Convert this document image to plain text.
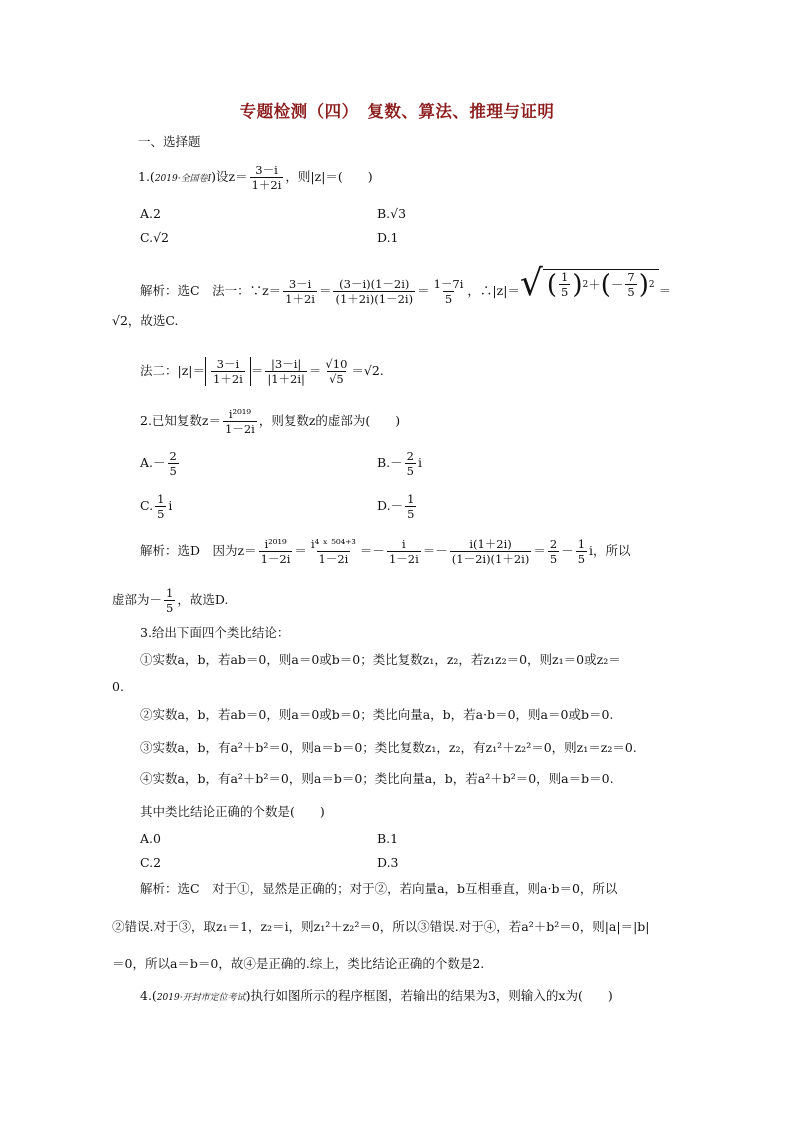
专题检测（四）　复数、算法、推理与证明
一、选择题
1.(2019·全国卷Ⅰ)设$z= \frac{3-i}{1+2i}$ ，则|z|＝(　　)
A.2	B.√3
C.√2	D.1
解析：选C　法一：∵z＝ $\frac{3-i}{1+2i} = \frac{(3-i)(1-2i)}{(1+2i)(1-2i)} = \frac{1-7i}{5}$ ，∴|z|＝ √ ( $\frac{1}{5}$ ) 2 ＋ ( － $\frac{7}{5}$ ) 2 ＝
√2，故选C.
法二：$|z|= \frac{3-i}{1+2i} = \frac{|3-i|}{|1+2i|} = \frac{√10}{√5} =√2$.
2.已知复数$z= \frac{\text{i²⁰¹⁹}}{1-2i}$ ，则复数z的虚部为(　　)
$A.- \frac{2}{5}$	$B.- \frac{2}{5}$ i
C. $\frac{1}{5}$ i	$D.- \frac{1}{5}$
解析：选D　因为$z= \frac{\text{i²⁰¹⁹}}{1-2i} = \frac{\text{i⁴ ˣ ⁵⁰⁴⁺³}}{1-2i} =- \frac{i}{1-2i} =- \frac{i(1+2i)}{(1-2i)(1+2i)} = \frac{2}{5} - \frac{1}{5}$ i，所以
虚部为－ $\frac{1}{5}$ ，故选D.
3.给出下面四个类比结论：
①实数a，b，若ab＝0，则a＝0或b＝0；类比复数z₁，z₂，若z₁z₂＝0，则z₁＝0或z₂＝
0.
②实数a，b，若ab＝0，则a＝0或b＝0；类比向量a，b，若a·b＝0，则a＝0或b＝0.
③实数a，b，有a²＋b²＝0，则a＝b＝0；类比复数z₁，z₂，有z₁²＋z₂²＝0，则z₁＝z₂＝0.
④实数a，b，有a²＋b²＝0，则a＝b＝0；类比向量a，b，若a²＋b²＝0，则a＝b＝0.
其中类比结论正确的个数是(　　)
A.0	B.1
C.2	D.3
解析：选C　对于①，显然是正确的；对于②，若向量a，b互相垂直，则a·b＝0，所以
②错误.对于③，取z₁＝1，z₂＝i，则z₁²＋z₂²＝0，所以③错误.对于④，若a²＋b²＝0，则|a|＝|b|
＝0，所以a＝b＝0，故④是正确的.综上，类比结论正确的个数是2.
4.(2019·开封市定位考试)执行如图所示的程序框图，若输出的结果为3，则输入的x为(　　)
